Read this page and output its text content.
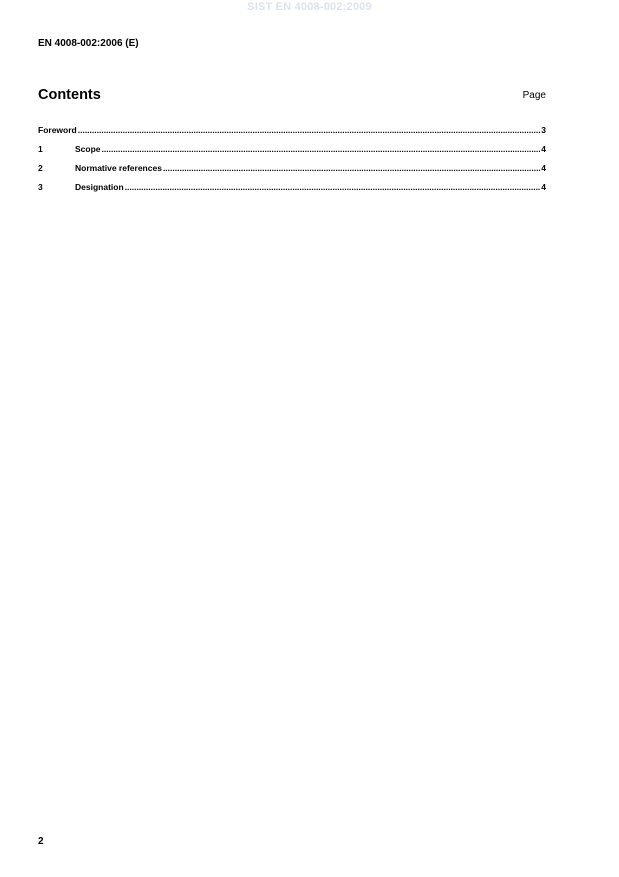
SIST EN 4008-002:2009
EN 4008-002:2006 (E)
Contents	Page
Foreword .....	3
1	Scope .....	4
2	Normative references .....	4
3	Designation .....	4
2
